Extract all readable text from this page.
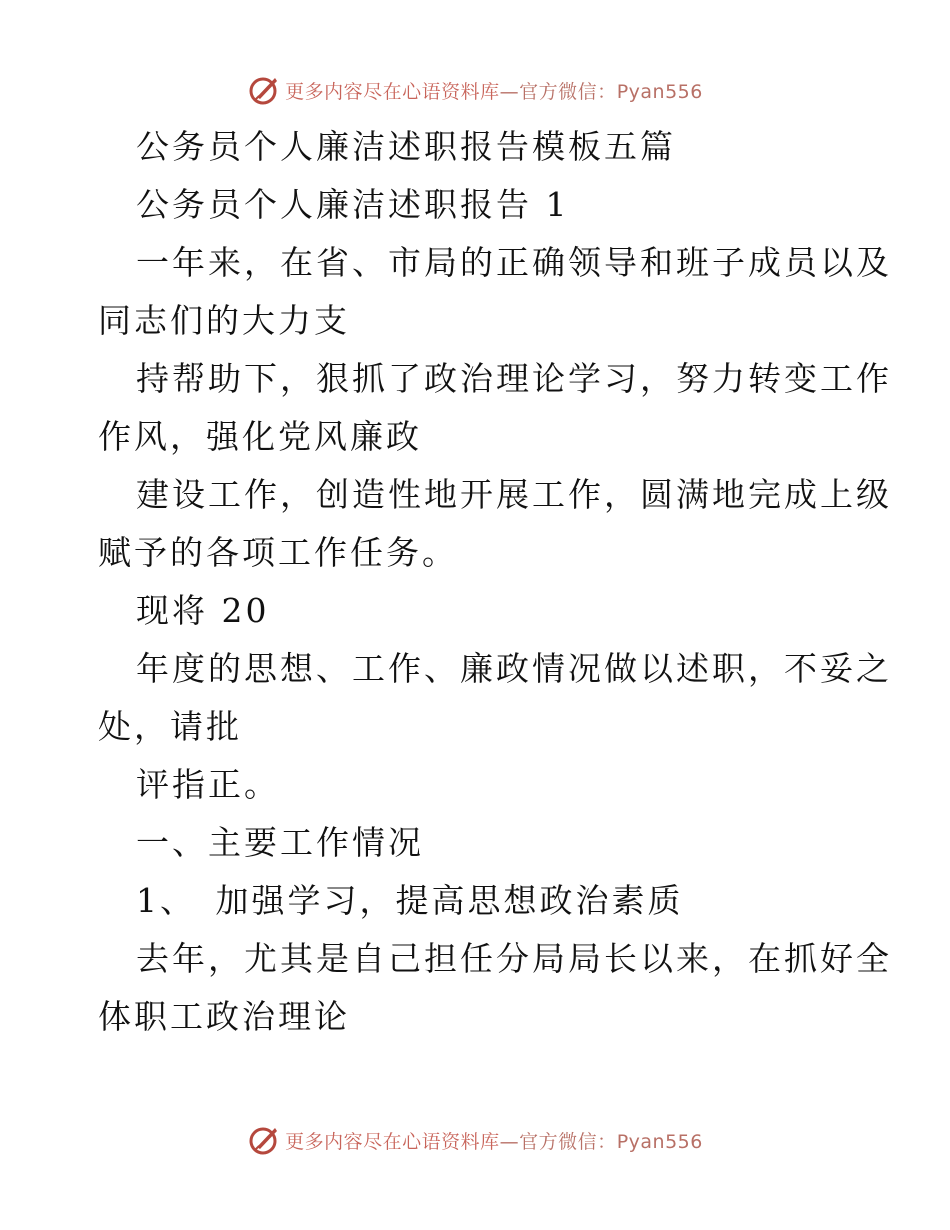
更多内容尽在心语资料库—官方微信：Pyan556
公务员个人廉洁述职报告模板五篇
公务员个人廉洁述职报告 1
一年来，在省、市局的正确领导和班子成员以及
同志们的大力支
持帮助下，狠抓了政治理论学习，努力转变工作
作风，强化党风廉政
建设工作，创造性地开展工作，圆满地完成上级
赋予的各项工作任务。
现将 20
年度的思想、工作、廉政情况做以述职，不妥之
处，请批
评指正。
一、主要工作情况
1、　加强学习，提高思想政治素质
去年，尤其是自己担任分局局长以来，在抓好全
体职工政治理论
更多内容尽在心语资料库—官方微信：Pyan556
